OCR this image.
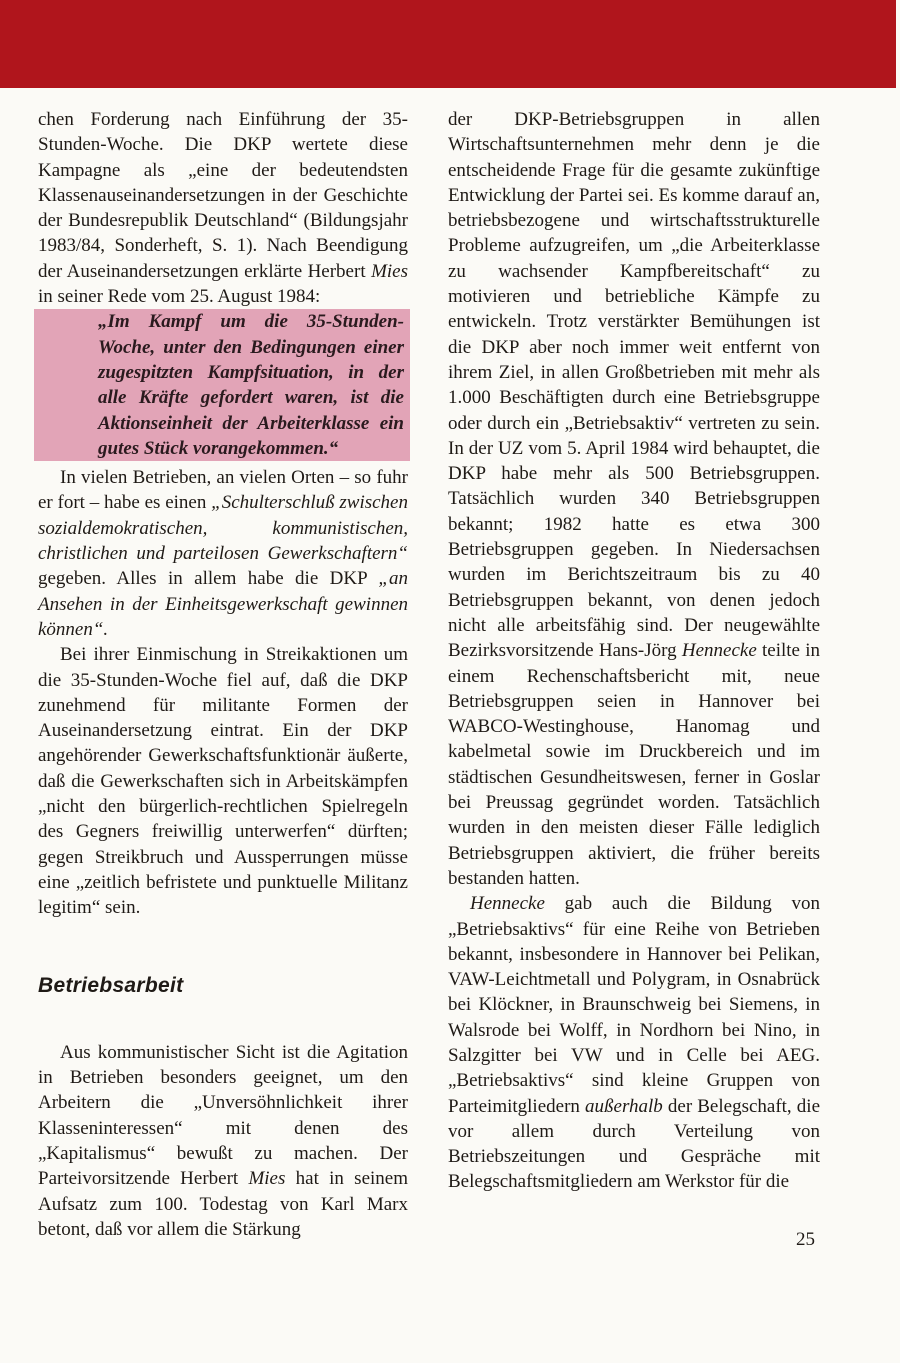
chen Forderung nach Einführung der 35-Stunden-Woche. Die DKP wertete diese Kampagne als „eine der bedeutendsten Klassenauseinandersetzungen in der Geschichte der Bundesrepublik Deutschland“ (Bildungsjahr 1983/84, Sonderheft, S. 1). Nach Beendigung der Auseinandersetzungen erklärte Herbert Mies in seiner Rede vom 25. August 1984:

„Im Kampf um die 35-Stunden-Woche, unter den Bedingungen einer zugespitzten Kampfsituation, in der alle Kräfte gefordert waren, ist die Aktionseinheit der Arbeiterklasse ein gutes Stück vorangekommen.“

In vielen Betrieben, an vielen Orten – so fuhr er fort – habe es einen „Schulterschluß zwischen sozialdemokratischen, kommunistischen, christlichen und parteilosen Gewerkschaftern“ gegeben. Alles in allem habe die DKP „an Ansehen in der Einheitsgewerkschaft gewinnen können“.

Bei ihrer Einmischung in Streikaktionen um die 35-Stunden-Woche fiel auf, daß die DKP zunehmend für militante Formen der Auseinandersetzung eintrat. Ein der DKP angehörender Gewerkschaftsfunktionär äußerte, daß die Gewerkschaften sich in Arbeitskämpfen „nicht den bürgerlich-rechtlichen Spielregeln des Gegners freiwillig unterwerfen“ dürften; gegen Streikbruch und Aussperrungen müsse eine „zeitlich befristete und punktuelle Militanz legitim“ sein.

Betriebsarbeit

Aus kommunistischer Sicht ist die Agitation in Betrieben besonders geeignet, um den Arbeitern die „Unversöhnlichkeit ihrer Klasseninteressen“ mit denen des „Kapitalismus“ bewußt zu machen. Der Parteivorsitzende Herbert Mies hat in seinem Aufsatz zum 100. Todestag von Karl Marx betont, daß vor allem die Stärkung

der DKP-Betriebsgruppen in allen Wirtschaftsunternehmen mehr denn je die entscheidende Frage für die gesamte zukünftige Entwicklung der Partei sei. Es komme darauf an, betriebsbezogene und wirtschaftsstrukturelle Probleme aufzugreifen, um „die Arbeiterklasse zu wachsender Kampfbereitschaft“ zu motivieren und betriebliche Kämpfe zu entwickeln. Trotz verstärkter Bemühungen ist die DKP aber noch immer weit entfernt von ihrem Ziel, in allen Großbetrieben mit mehr als 1.000 Beschäftigten durch eine Betriebsgruppe oder durch ein „Betriebsaktiv“ vertreten zu sein. In der UZ vom 5. April 1984 wird behauptet, die DKP habe mehr als 500 Betriebsgruppen. Tatsächlich wurden 340 Betriebsgruppen bekannt; 1982 hatte es etwa 300 Betriebsgruppen gegeben. In Niedersachsen wurden im Berichtszeitraum bis zu 40 Betriebsgruppen bekannt, von denen jedoch nicht alle arbeitsfähig sind. Der neugewählte Bezirksvorsitzende Hans-Jörg Hennecke teilte in einem Rechenschaftsbericht mit, neue Betriebsgruppen seien in Hannover bei WABCO-Westinghouse, Hanomag und kabelmetal sowie im Druckbereich und im städtischen Gesundheitswesen, ferner in Goslar bei Preussag gegründet worden. Tatsächlich wurden in den meisten dieser Fälle lediglich Betriebsgruppen aktiviert, die früher bereits bestanden hatten.

Hennecke gab auch die Bildung von „Betriebsaktivs“ für eine Reihe von Betrieben bekannt, insbesondere in Hannover bei Pelikan, VAW-Leichtmetall und Polygram, in Osnabrück bei Klöckner, in Braunschweig bei Siemens, in Walsrode bei Wolff, in Nordhorn bei Nino, in Salzgitter bei VW und in Celle bei AEG. „Betriebsaktivs“ sind kleine Gruppen von Parteimitgliedern außerhalb der Belegschaft, die vor allem durch Verteilung von Betriebszeitungen und Gespräche mit Belegschaftsmitgliedern am Werkstor für die

25
